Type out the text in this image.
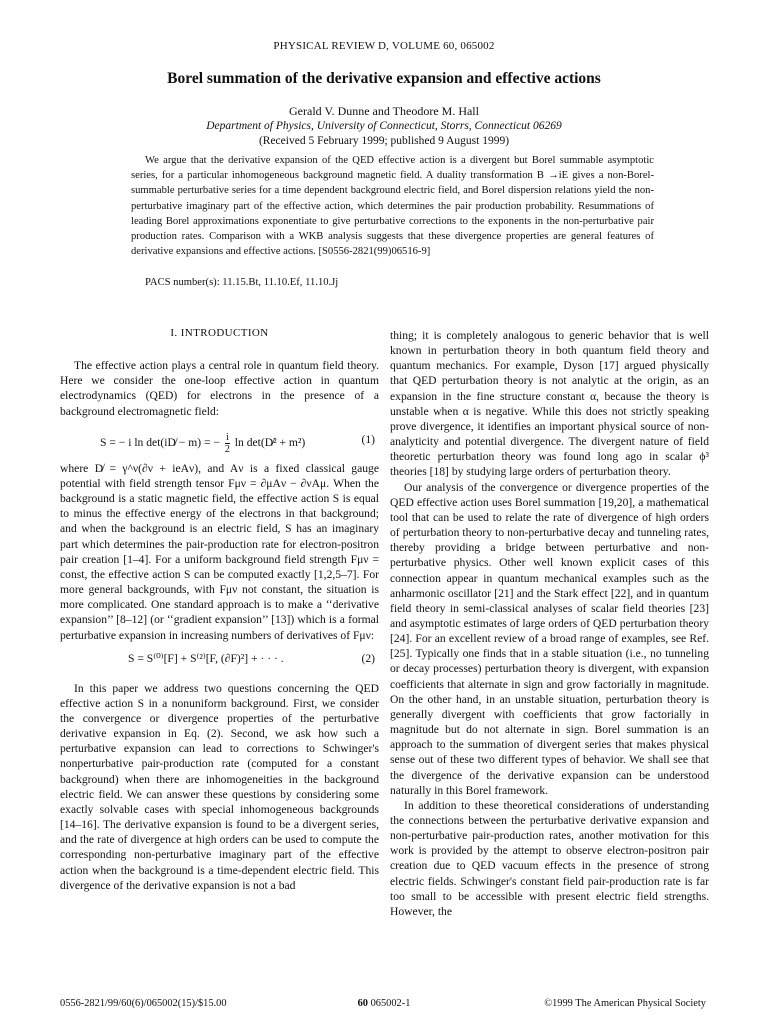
PHYSICAL REVIEW D, VOLUME 60, 065002
Borel summation of the derivative expansion and effective actions
Gerald V. Dunne and Theodore M. Hall
Department of Physics, University of Connecticut, Storrs, Connecticut 06269
(Received 5 February 1999; published 9 August 1999)
We argue that the derivative expansion of the QED effective action is a divergent but Borel summable asymptotic series, for a particular inhomogeneous background magnetic field. A duality transformation B →iE gives a non-Borel-summable perturbative series for a time dependent background electric field, and Borel dispersion relations yield the non-perturbative imaginary part of the effective action, which determines the pair production probability. Resummations of leading Borel approximations exponentiate to give perturbative corrections to the exponents in the non-perturbative pair production rates. Comparison with a WKB analysis suggests that these divergence properties are general features of derivative expansions and effective actions. [S0556-2821(99)06516-9]
PACS number(s): 11.15.Bt, 11.10.Ef, 11.10.Jj
I. INTRODUCTION

The effective action plays a central role in quantum field theory. Here we consider the one-loop effective action in quantum electrodynamics (QED) for electrons in the presence of a background electromagnetic field:

S = − i ln det(iD̸ − m) = − $\frac{i}{2}$ ln det(D̸² + m²)	(1)

where D̸ = γ^ν(∂ν + ieAν), and Aν is a fixed classical gauge potential with field strength tensor Fμν = ∂μAν − ∂νAμ. When the background is a static magnetic field, the effective action S is equal to minus the effective energy of the electrons in that background; and when the background is an electric field, S has an imaginary part which determines the pair-production rate for electron-positron pair creation [1–4]. For a uniform background field strength Fμν = const, the effective action S can be computed exactly [1,2,5–7]. For more general backgrounds, with Fμν not constant, the situation is more complicated. One standard approach is to make a ‘‘derivative expansion’’ [8–12] (or ‘‘gradient expansion’’ [13]) which is a formal perturbative expansion in increasing numbers of derivatives of Fμν:

S = S⁽⁰⁾[F] + S⁽²⁾[F, (∂F)²] + · · · .	(2)

In this paper we address two questions concerning the QED effective action S in a nonuniform background. First, we consider the convergence or divergence properties of the perturbative derivative expansion in Eq. (2). Second, we ask how such a perturbative expansion can lead to corrections to Schwinger's nonperturbative pair-production rate (computed for a constant background) when there are inhomogeneities in the background electric field. We can answer these questions by considering some exactly solvable cases with special inhomogeneous backgrounds [14–16]. The derivative expansion is found to be a divergent series, and the rate of divergence at high orders can be used to compute the corresponding non-perturbative imaginary part of the effective action when the background is a time-dependent electric field. This divergence of the derivative expansion is not a bad

thing; it is completely analogous to generic behavior that is well known in perturbation theory in both quantum field theory and quantum mechanics. For example, Dyson [17] argued physically that QED perturbation theory is not analytic at the origin, as an expansion in the fine structure constant α, because the theory is unstable when α is negative. While this does not strictly speaking prove divergence, it identifies an important physical source of non-analyticity and potential divergence. The divergent nature of field theoretic perturbation theory was found long ago in scalar ϕ³ theories [18] by studying large orders of perturbation theory.

Our analysis of the convergence or divergence properties of the QED effective action uses Borel summation [19,20], a mathematical tool that can be used to relate the rate of divergence of high orders of perturbation theory to non-perturbative decay and tunneling rates, thereby providing a bridge between perturbative and non-perturbative physics. Other well known explicit cases of this connection appear in quantum mechanical examples such as the anharmonic oscillator [21] and the Stark effect [22], and in quantum field theory in semi-classical analyses of scalar field theories [23] and asymptotic estimates of large orders of QED perturbation theory [24]. For an excellent review of a broad range of examples, see Ref. [25]. Typically one finds that in a stable situation (i.e., no tunneling or decay processes) perturbation theory is divergent, with expansion coefficients that alternate in sign and grow factorially in magnitude. On the other hand, in an unstable situation, perturbation theory is generally divergent with coefficients that grow factorially in magnitude but do not alternate in sign. Borel summation is an approach to the summation of divergent series that makes physical sense out of these two different types of behavior. We shall see that the divergence of the derivative expansion can be understood naturally in this Borel framework.

In addition to these theoretical considerations of understanding the connections between the perturbative derivative expansion and non-perturbative pair-production rates, another motivation for this work is provided by the attempt to observe electron-positron pair creation due to QED vacuum effects in the presence of strong electric fields. Schwinger's constant field pair-production rate is far too small to be accessible with present electric field strengths. However, the

0556-2821/99/60(6)/065002(15)/$15.00	60 065002-1	©1999 The American Physical Society
